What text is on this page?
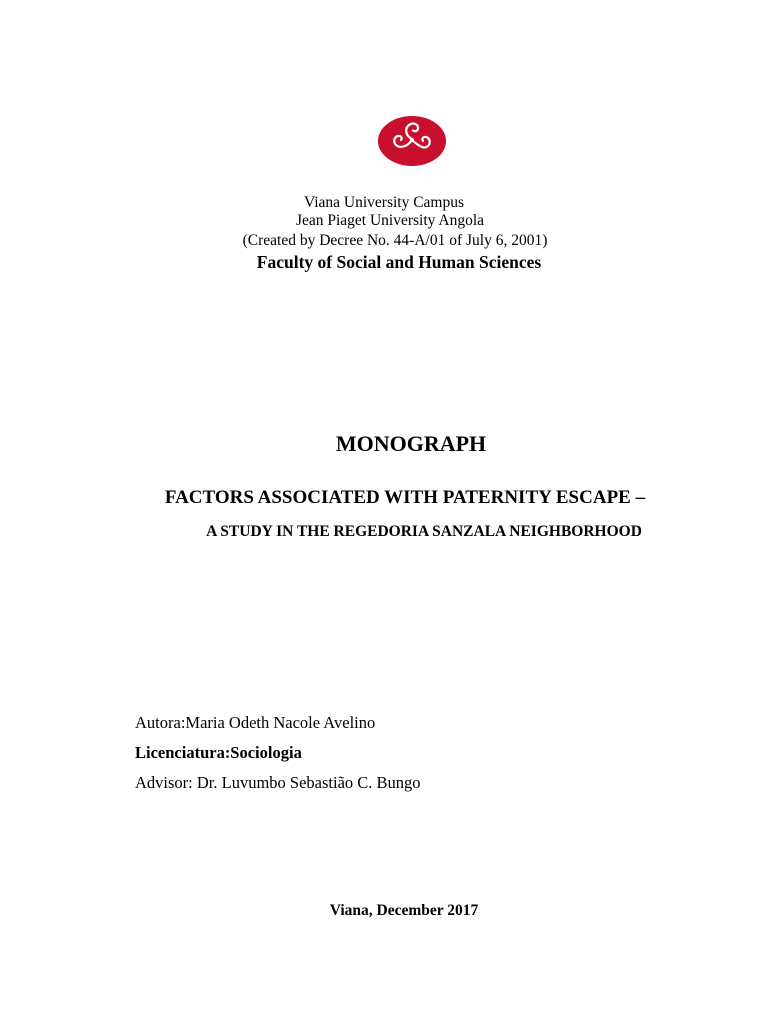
Viana University Campus
Jean Piaget University Angola
(Created by Decree No. 44-A/01 of July 6, 2001)
Faculty of Social and Human Sciences
MONOGRAPH
FACTORS ASSOCIATED WITH PATERNITY ESCAPE –
A STUDY IN THE REGEDORIA SANZALA NEIGHBORHOOD
Autora:Maria Odeth Nacole Avelino
Licenciatura:Sociologia
Advisor: Dr. Luvumbo Sebastião C. Bungo
Viana, December 2017
